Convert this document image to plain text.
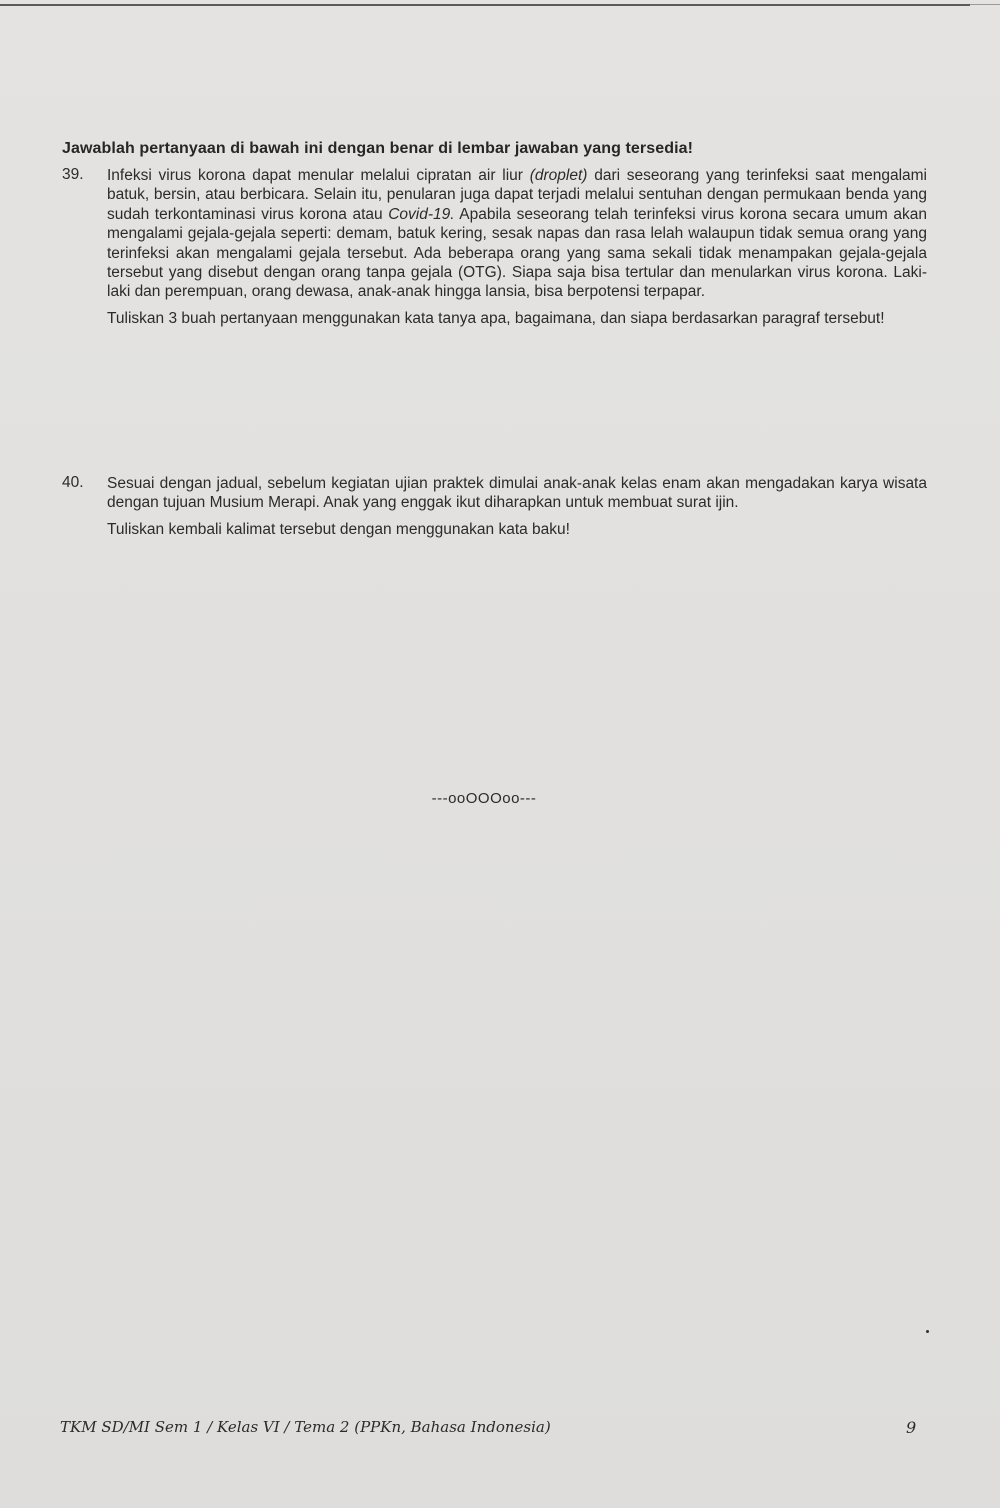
Jawablah pertanyaan di bawah ini dengan benar di lembar jawaban yang tersedia!

39.	Infeksi virus korona dapat menular melalui cipratan air liur (droplet) dari seseorang yang terinfeksi saat mengalami batuk, bersin, atau berbicara. Selain itu, penularan juga dapat terjadi melalui sentuhan dengan permukaan benda yang sudah terkontaminasi virus korona atau Covid-19. Apabila seseorang telah terinfeksi virus korona secara umum akan mengalami gejala-gejala seperti: demam, batuk kering, sesak napas dan rasa lelah walaupun tidak semua orang yang terinfeksi akan mengalami gejala tersebut. Ada beberapa orang yang sama sekali tidak menampakan gejala-gejala tersebut yang disebut dengan orang tanpa gejala (OTG). Siapa saja bisa tertular dan menularkan virus korona. Laki-laki dan perempuan, orang dewasa, anak-anak hingga lansia, bisa berpotensi terpapar.

Tuliskan 3 buah pertanyaan menggunakan kata tanya apa, bagaimana, dan siapa berdasarkan paragraf tersebut!

40.	Sesuai dengan jadual, sebelum kegiatan ujian praktek dimulai anak-anak kelas enam akan mengadakan karya wisata dengan tujuan Musium Merapi. Anak yang enggak ikut diharapkan untuk membuat surat ijin.

Tuliskan kembali kalimat tersebut dengan menggunakan kata baku!

---ooOOOoo---
TKM SD/MI Sem 1 / Kelas VI / Tema 2 (PPKn, Bahasa Indonesia)	9
